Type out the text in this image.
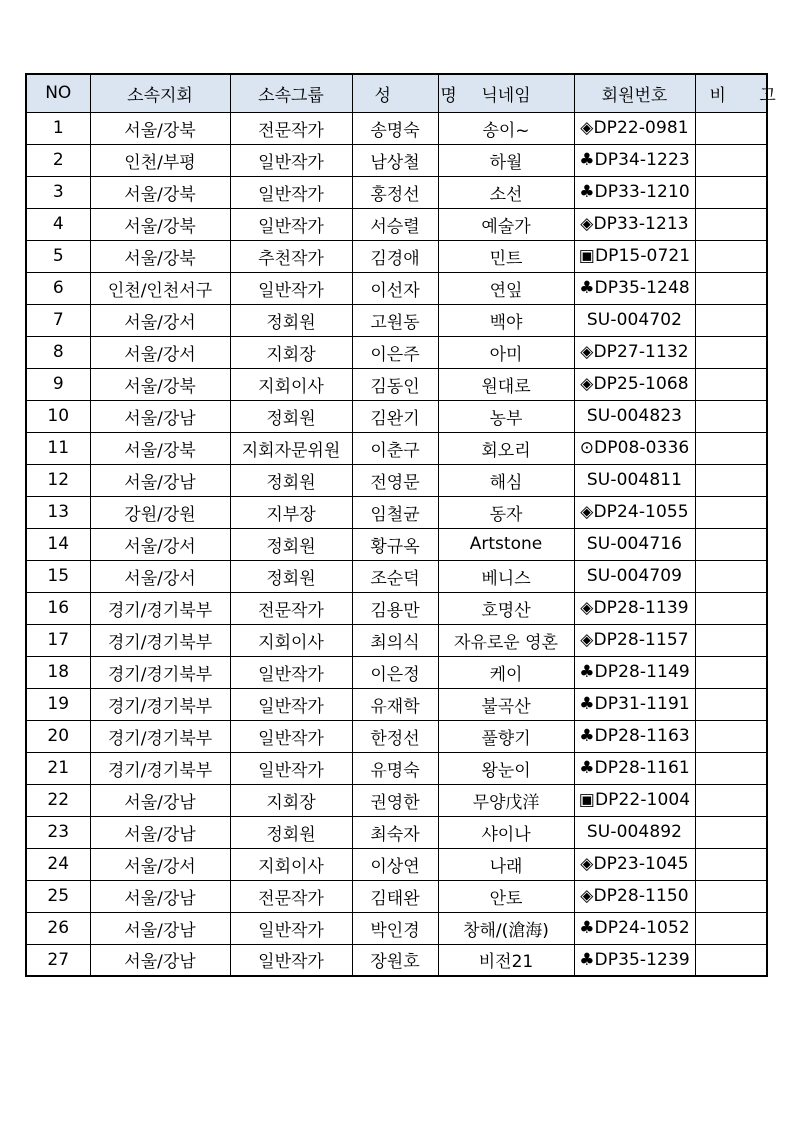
NO	소속지회	소속그룹	성 명	닉네임	회원번호	비 고
1	서울/강북	전문작가	송명숙	송이~	◈DP22-0981	
2	인천/부평	일반작가	남상철	하월	♣DP34-1223	
3	서울/강북	일반작가	홍정선	소선	♣DP33-1210	
4	서울/강북	일반작가	서승렬	예술가	◈DP33-1213	
5	서울/강북	추천작가	김경애	민트	▣DP15-0721	
6	인천/인천서구	일반작가	이선자	연잎	♣DP35-1248	
7	서울/강서	정회원	고원동	백야	SU-004702	
8	서울/강서	지회장	이은주	아미	◈DP27-1132	
9	서울/강북	지회이사	김동인	원대로	◈DP25-1068	
10	서울/강남	정회원	김완기	농부	SU-004823	
11	서울/강북	지회자문위원	이춘구	회오리	⊙DP08-0336	
12	서울/강남	정회원	전영문	해심	SU-004811	
13	강원/강원	지부장	임철균	동자	◈DP24-1055	
14	서울/강서	정회원	황규옥	Artstone	SU-004716	
15	서울/강서	정회원	조순덕	베니스	SU-004709	
16	경기/경기북부	전문작가	김용만	호명산	◈DP28-1139	
17	경기/경기북부	지회이사	최의식	자유로운 영혼	◈DP28-1157	
18	경기/경기북부	일반작가	이은정	케이	♣DP28-1149	
19	경기/경기북부	일반작가	유재학	불곡산	♣DP31-1191	
20	경기/경기북부	일반작가	한정선	풀향기	♣DP28-1163	
21	경기/경기북부	일반작가	유명숙	왕눈이	♣DP28-1161	
22	서울/강남	지회장	권영한	무양戊洋	▣DP22-1004	
23	서울/강남	정회원	최숙자	샤이나	SU-004892	
24	서울/강서	지회이사	이상연	나래	◈DP23-1045	
25	서울/강남	전문작가	김태완	안토	◈DP28-1150	
26	서울/강남	일반작가	박인경	창해/(滄海)	♣DP24-1052	
27	서울/강남	일반작가	장원호	비전21	♣DP35-1239	
